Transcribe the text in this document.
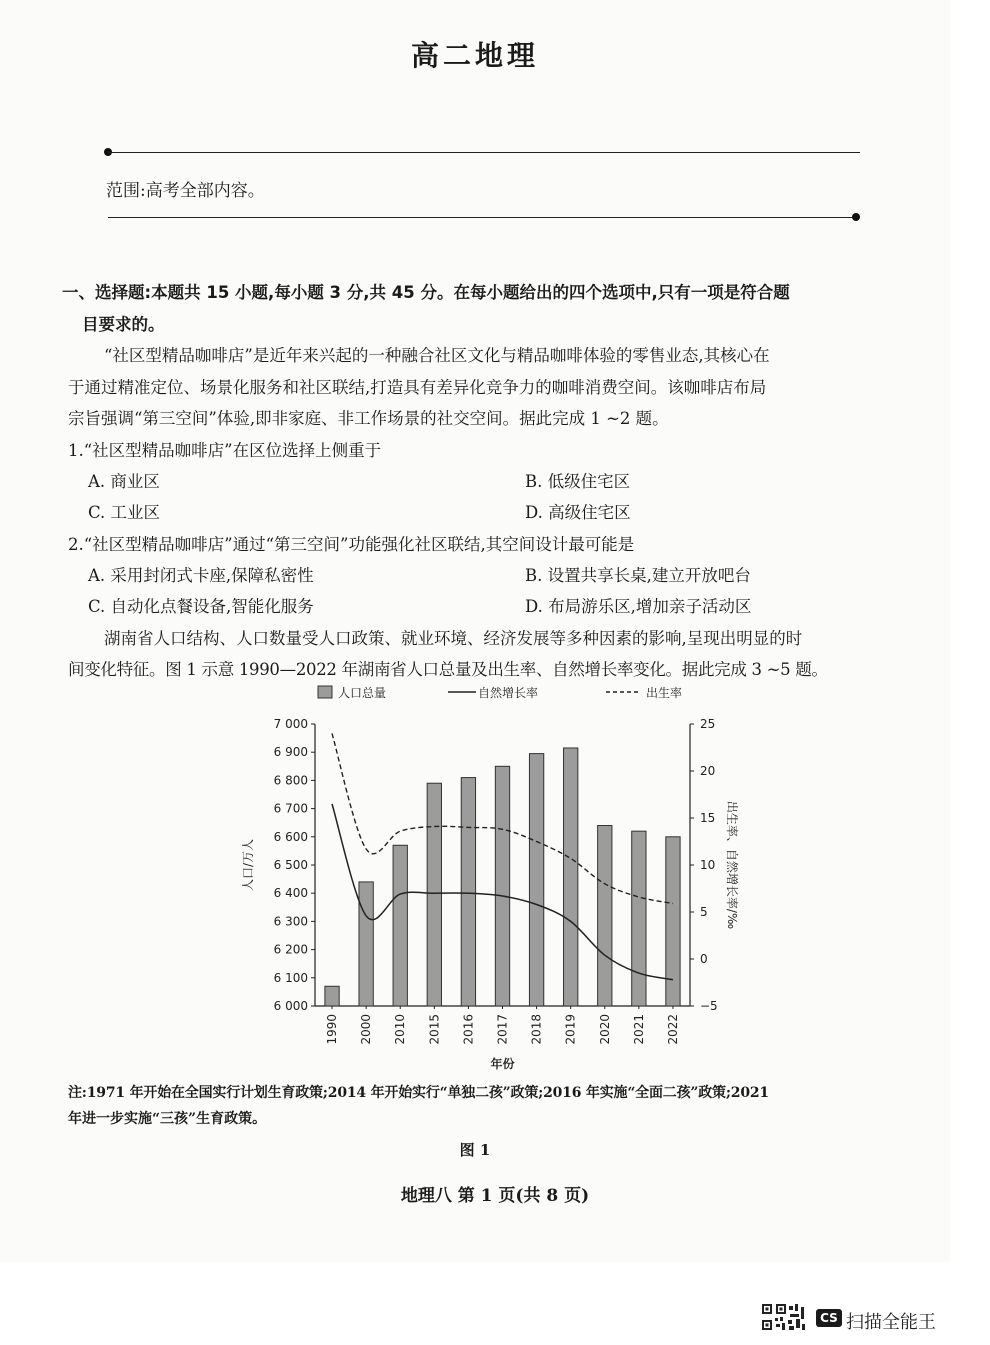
高二地理
范围:高考全部内容。
一、选择题:本题共 15 小题,每小题 3 分,共 45 分。在每小题给出的四个选项中,只有一项是符合题
目要求的。
“社区型精品咖啡店”是近年来兴起的一种融合社区文化与精品咖啡体验的零售业态,其核心在
于通过精准定位、场景化服务和社区联结,打造具有差异化竞争力的咖啡消费空间。该咖啡店布局
宗旨强调“第三空间”体验,即非家庭、非工作场景的社交空间。据此完成 1 ~2 题。
1.“社区型精品咖啡店”在区位选择上侧重于
A. 商业区	B. 低级住宅区
C. 工业区	D. 高级住宅区
2.“社区型精品咖啡店”通过“第三空间”功能强化社区联结,其空间设计最可能是
A. 采用封闭式卡座,保障私密性	B. 设置共享长桌,建立开放吧台
C. 自动化点餐设备,智能化服务	D. 布局游乐区,增加亲子活动区
湖南省人口结构、人口数量受人口政策、就业环境、经济发展等多种因素的影响,呈现出明显的时
间变化特征。图 1 示意 1990—2022 年湖南省人口总量及出生率、自然增长率变化。据此完成 3 ~5 题。
人口总量	自然增长率	出生率
7 000
6 900
6 800
6 700
6 600
6 500
6 400
6 300
6 200
6 100
6 000
25
20
15
10
5
0
−5
1990 2000 2010 2015 2016 2017 2018 2019 2020 2021 2022
人口/万人	出生率、自然增长率/‰
年份
注:1971 年开始在全国实行计划生育政策;2014 年开始实行“单独二孩”政策;2016 年实施“全面二孩”政策;2021
年进一步实施“三孩”生育政策。
图 1
地理八 第 1 页(共 8 页)
CS 扫描全能王
